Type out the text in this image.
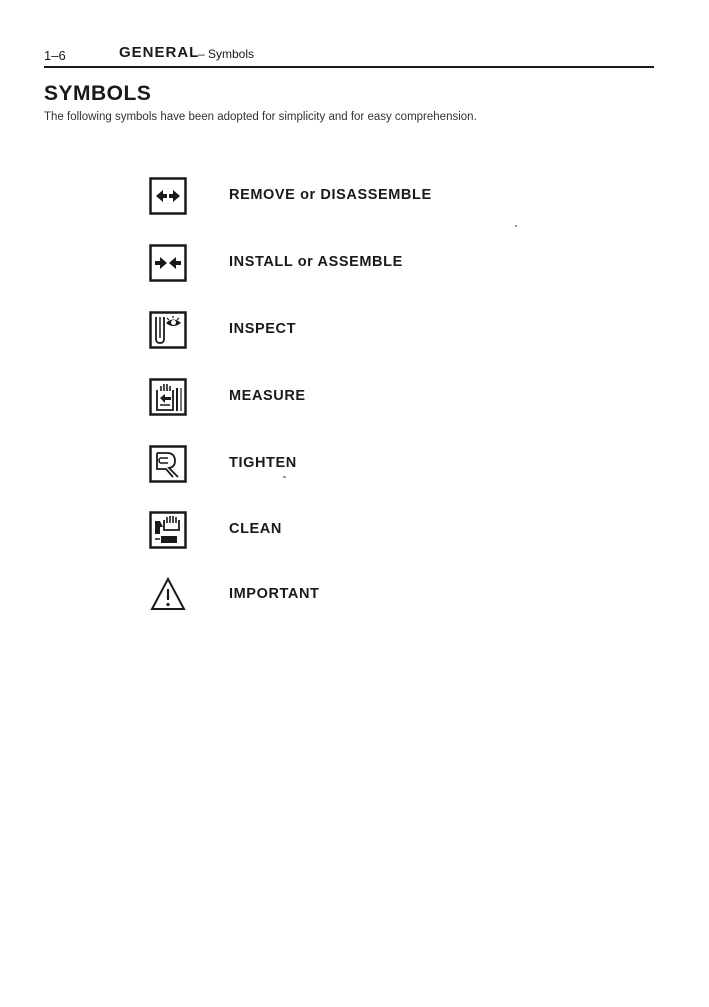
1–6	GENERAL
– Symbols
SYMBOLS
The following symbols have been adopted for simplicity and for easy comprehension.
REMOVE or DISASSEMBLE
INSTALL or ASSEMBLE
INSPECT
MEASURE
TIGHTEN
CLEAN
IMPORTANT
